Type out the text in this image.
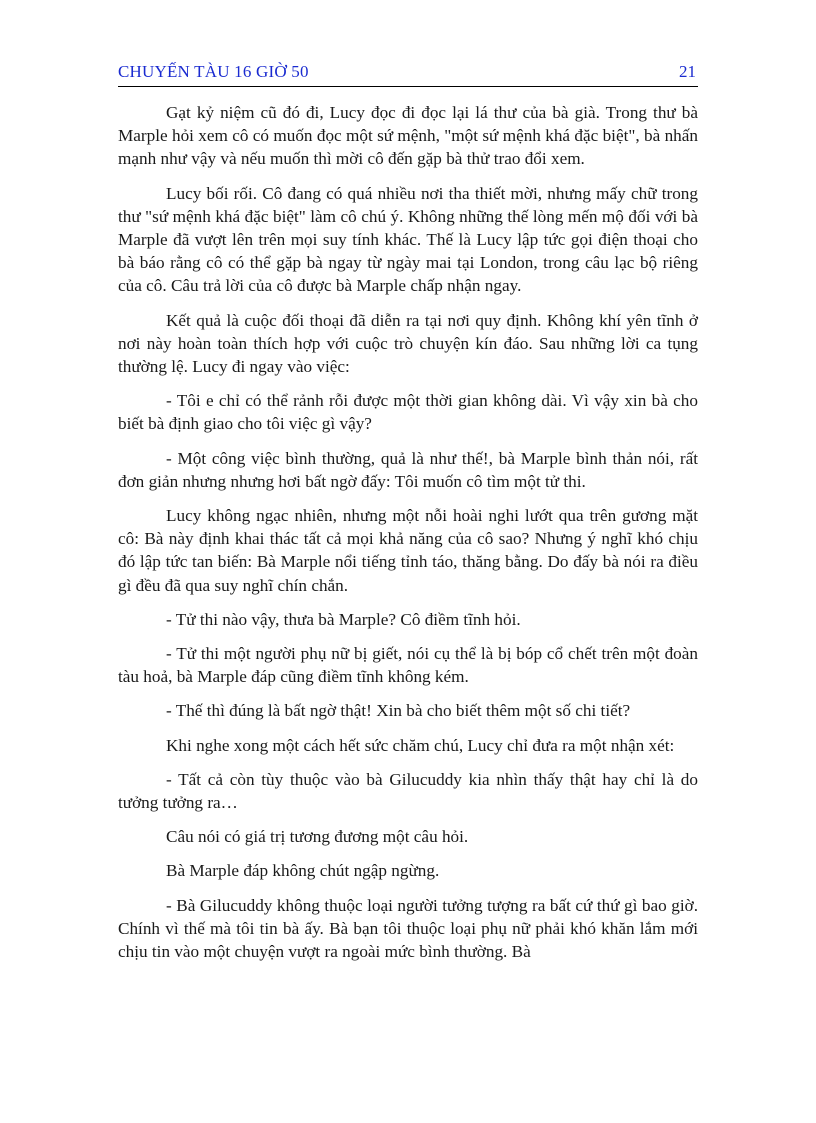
CHUYẾN TÀU 16 GIỜ 50	21

Gạt kỷ niệm cũ đó đi, Lucy đọc đi đọc lại lá thư của bà già. Trong thư bà Marple hỏi xem cô có muốn đọc một sứ mệnh, "một sứ mệnh khá đặc biệt", bà nhấn mạnh như vậy và nếu muốn thì mời cô đến gặp bà thử trao đổi xem.

Lucy bối rối. Cô đang có quá nhiều nơi tha thiết mời, nhưng mấy chữ trong thư "sứ mệnh khá đặc biệt" làm cô chú ý. Không những thế lòng mến mộ đối với bà Marple đã vượt lên trên mọi suy tính khác. Thế là Lucy lập tức gọi điện thoại cho bà báo rằng cô có thể gặp bà ngay từ ngày mai tại London, trong câu lạc bộ riêng của cô. Câu trả lời của cô được bà Marple chấp nhận ngay.

Kết quả là cuộc đối thoại đã diễn ra tại nơi quy định. Không khí yên tĩnh ở nơi này hoàn toàn thích hợp với cuộc trò chuyện kín đáo. Sau những lời ca tụng thường lệ. Lucy đi ngay vào việc:

- Tôi e chỉ có thể rảnh rỗi được một thời gian không dài. Vì vậy xin bà cho biết bà định giao cho tôi việc gì vậy?

- Một công việc bình thường, quả là như thế!, bà Marple bình thản nói, rất đơn giản nhưng nhưng hơi bất ngờ đấy: Tôi muốn cô tìm một tử thi.

Lucy không ngạc nhiên, nhưng một nỗi hoài nghi lướt qua trên gương mặt cô: Bà này định khai thác tất cả mọi khả năng của cô sao? Nhưng ý nghĩ khó chịu đó lập tức tan biến: Bà Marple nổi tiếng tỉnh táo, thăng bằng. Do đấy bà nói ra điều gì đều đã qua suy nghĩ chín chắn.

- Tử thi nào vậy, thưa bà Marple? Cô điềm tĩnh hỏi.

- Tử thi một người phụ nữ bị giết, nói cụ thể là bị bóp cổ chết trên một đoàn tàu hoả, bà Marple đáp cũng điềm tĩnh không kém.

- Thế thì đúng là bất ngờ thật! Xin bà cho biết thêm một số chi tiết?

Khi nghe xong một cách hết sức chăm chú, Lucy chỉ đưa ra một nhận xét:

- Tất cả còn tùy thuộc vào bà Gilucuddy kia nhìn thấy thật hay chỉ là do tưởng tưởng ra…

Câu nói có giá trị tương đương một câu hỏi.

Bà Marple đáp không chút ngập ngừng.

- Bà Gilucuddy không thuộc loại người tưởng tượng ra bất cứ thứ gì bao giờ. Chính vì thế mà tôi tin bà ấy. Bà bạn tôi thuộc loại phụ nữ phải khó khăn lắm mới chịu tin vào một chuyện vượt ra ngoài mức bình thường. Bà
